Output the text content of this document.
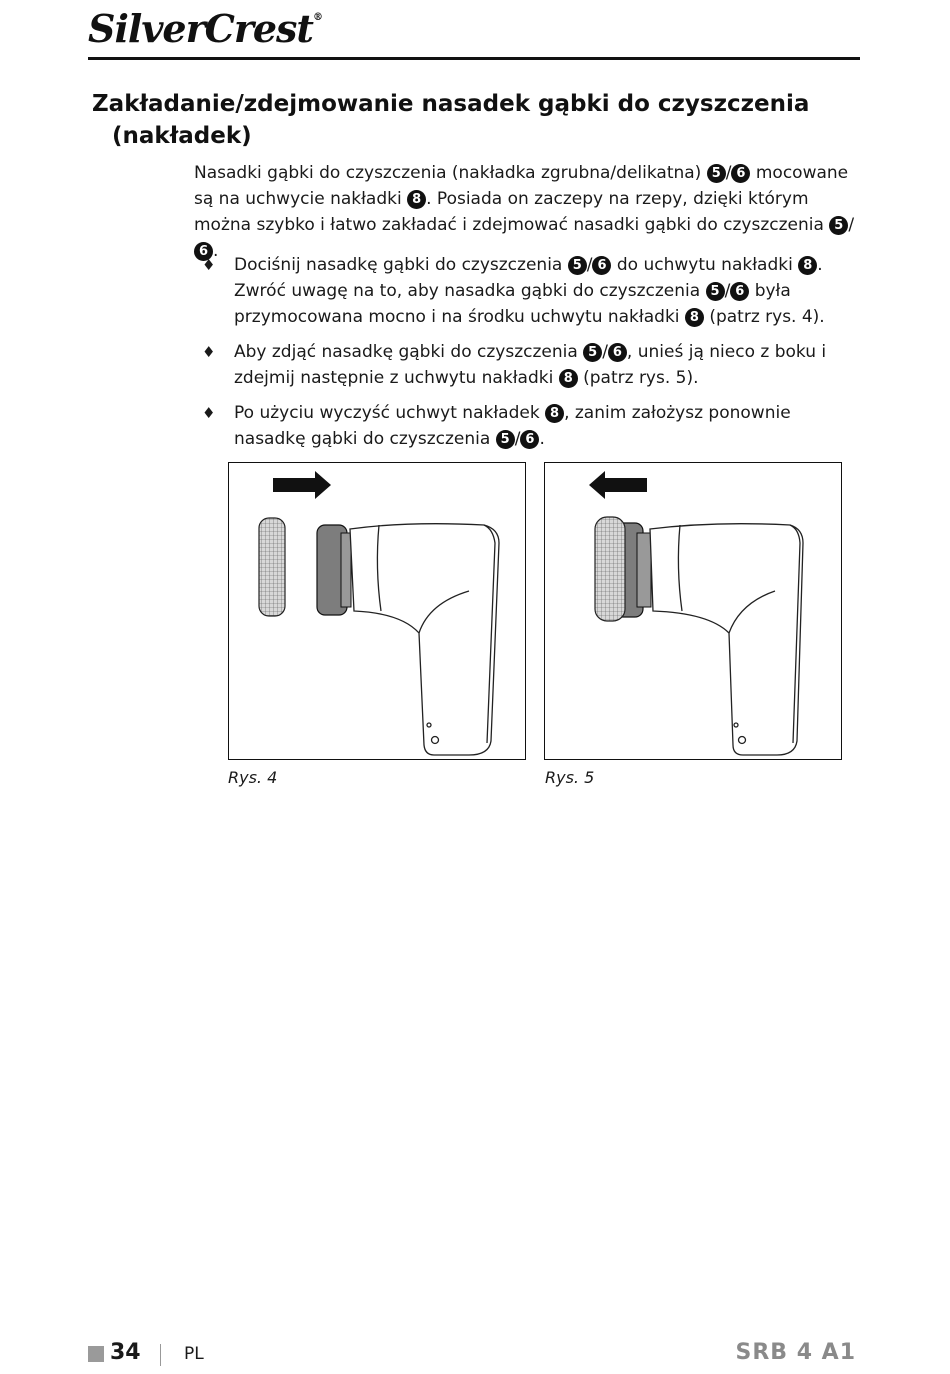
SilverCrest®
Zakładanie/zdejmowanie nasadek gąbki do czyszczenia
(nakładek)
Nasadki gąbki do czyszczenia (nakładka zgrubna/delikatna) 5 / 6 mocowane są na uchwycie nakładki 8 . Posiada on zaczepy na rzepy, dzięki którym można szybko i łatwo zakładać i zdejmować nasadki gąbki do czyszczenia 5 /6 .
♦ Dociśnij nasadkę gąbki do czyszczenia 5 / 6 do uchwytu nakładki 8 . Zwróć uwagę na to, aby nasadka gąbki do czyszczenia 5 / 6 była przymocowana mocno i na środku uchwytu nakładki 8 (patrz rys. 4).
♦ Aby zdjąć nasadkę gąbki do czyszczenia 5 / 6 , unieś ją nieco z boku i zdejmij następnie z uchwytu nakładki 8 (patrz rys. 5).
♦ Po użyciu wyczyść uchwyt nakładek 8 , zanim założysz ponownie nasadkę gąbki do czyszczenia 5 / 6 .
Rys. 4	Rys. 5
34	PL	SRB 4 A1
